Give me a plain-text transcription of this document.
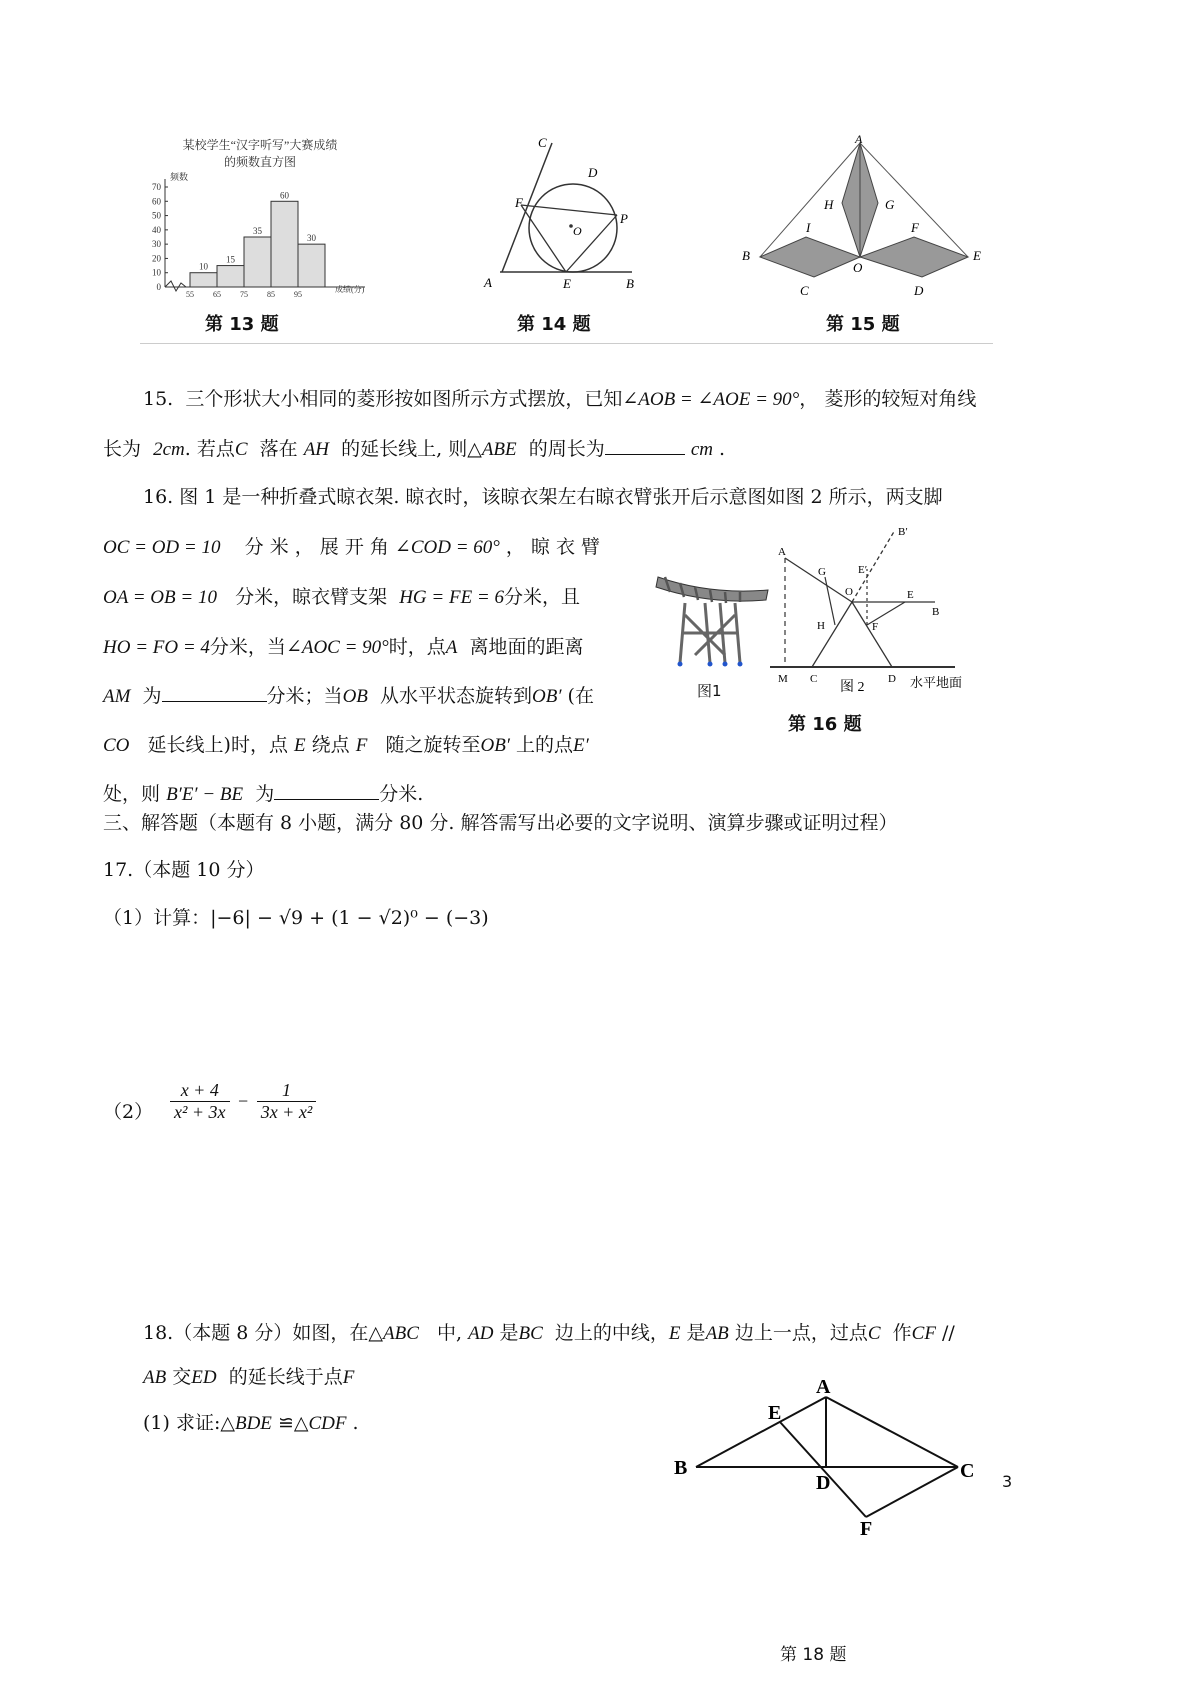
某校学生“汉字听写”大赛成绩
的频数直方图
0
10
20
30
40
50
60
70
55 65 75 85 95
10
15
35
60
30
频数
成绩(分)
第 13 题
C
D
F
P
O
A	E	B
第 14 题
A
H	G
I	F
B
O
E
C	D
第 15 题
15. 三个形状大小相同的菱形按如图所示方式摆放，已知∠AOB = ∠AOE = 90°， 菱形的较短对角线
长为 2cm. 若点C 落在 AH 的延长线上, 则△ABE 的周长为	cm .
16. 图 1 是一种折叠式晾衣架. 晾衣时，该晾衣架左右晾衣臂张开后示意图如图 2 所示，两支脚
OC = OD = 10 分 米 ， 展 开 角 ∠COD = 60° ， 晾 衣 臂
OA = OB = 10 分米，晾衣臂支架 HG = FE = 6分米，且
HO = FO = 4分米，当∠AOC = 90°时，点A 离地面的距离
AM 为	分米；当OB 从水平状态旋转到OB′ (在
CO 延长线上)时，点 E 绕点 F 随之旋转至OB′ 上的点E′
处，则 B′E′ − BE 为	分米.
图1
A
G	E′
B′
O	E
B
H	F
M C	D
图 2	水平地面
第 16 题
三、解答题（本题有 8 小题，满分 80 分. 解答需写出必要的文字说明、演算步骤或证明过程）
17.（本题 10 分）
（1）计算：|−6| − √9 + (1 − √2)⁰ − (−3)
$(2) \frac{x + 4}{\text{x² + 3x}} - \frac{1}{\text{3x + x²}}$
18.（本题 8 分）如图，在△ABC 中, AD 是BC 边上的中线，E 是AB 边上一点，过点C 作CF //
AB 交ED 的延长线于点F
(1) 求证:△BDE ≌△CDF .
A
E
B
D
C
F
第 18 题
3
